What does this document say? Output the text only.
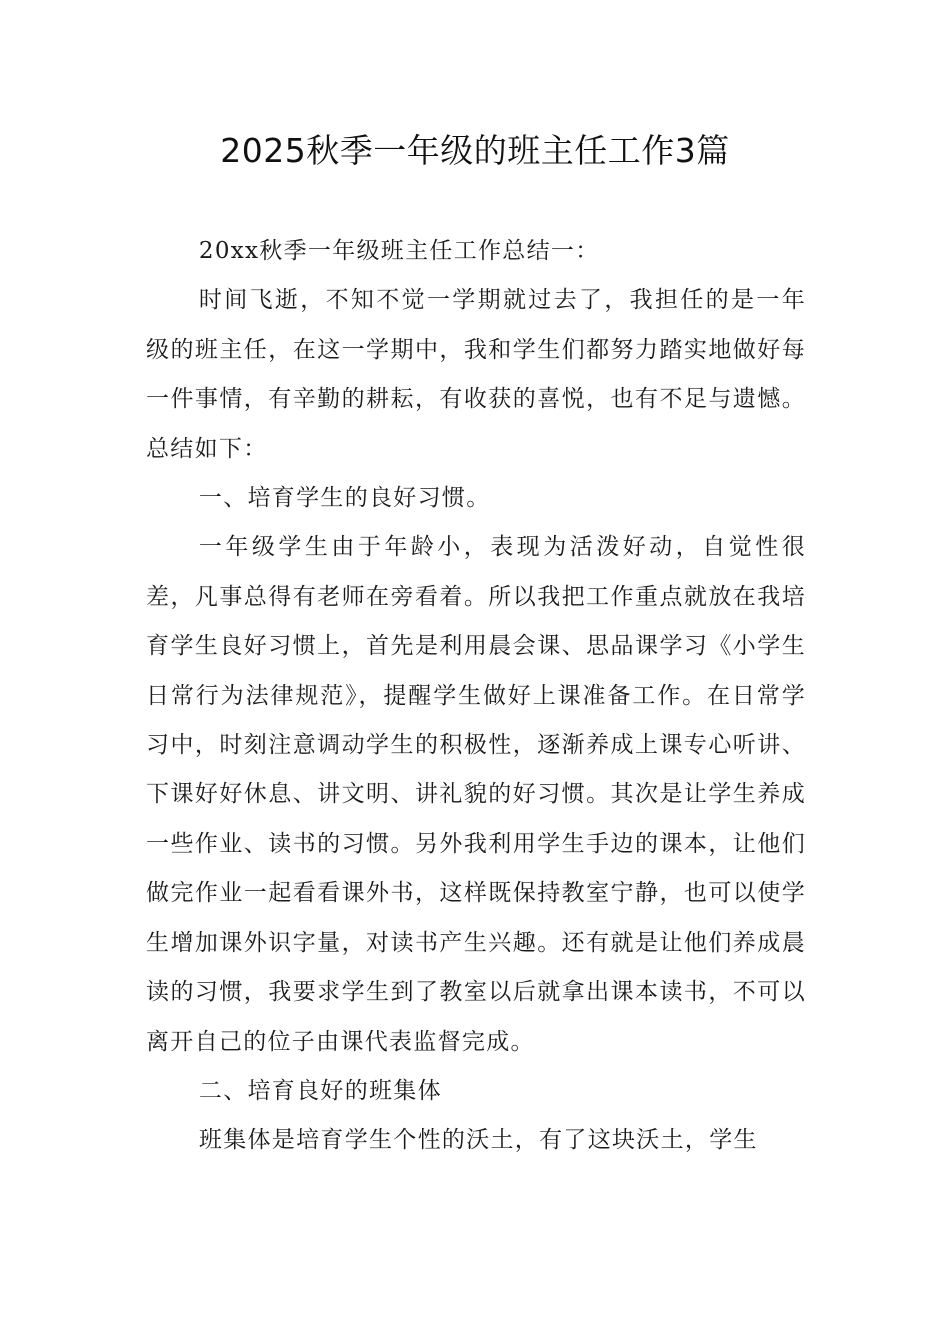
2025秋季一年级的班主任工作3篇

20xx秋季一年级班主任工作总结一：

时间飞逝，不知不觉一学期就过去了，我担任的是一年级的班主任，在这一学期中，我和学生们都努力踏实地做好每一件事情，有辛勤的耕耘，有收获的喜悦，也有不足与遗憾。总结如下：

一、培育学生的良好习惯。

一年级学生由于年龄小，表现为活泼好动，自觉性很差，凡事总得有老师在旁看着。所以我把工作重点就放在我培育学生良好习惯上，首先是利用晨会课、思品课学习《小学生日常行为法律规范》，提醒学生做好上课准备工作。在日常学习中，时刻注意调动学生的积极性，逐渐养成上课专心听讲、下课好好休息、讲文明、讲礼貌的好习惯。其次是让学生养成一些作业、读书的习惯。另外我利用学生手边的课本，让他们做完作业一起看看课外书，这样既保持教室宁静，也可以使学生增加课外识字量，对读书产生兴趣。还有就是让他们养成晨读的习惯，我要求学生到了教室以后就拿出课本读书，不可以离开自己的位子由课代表监督完成。

二、培育良好的班集体

班集体是培育学生个性的沃土，有了这块沃土，学生
